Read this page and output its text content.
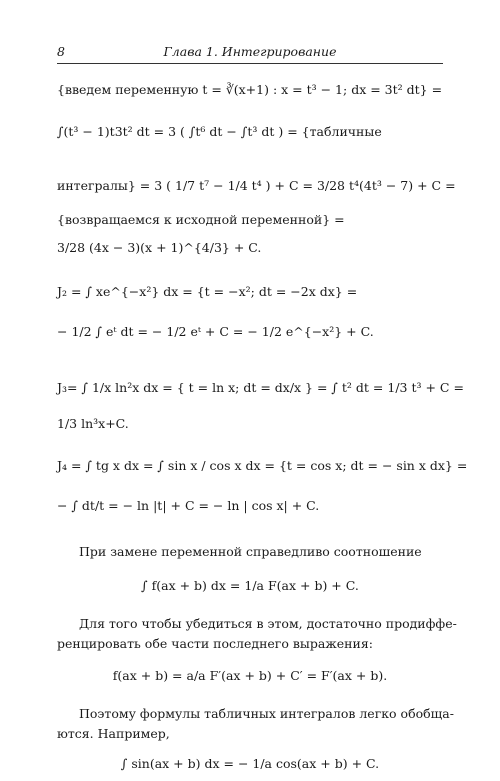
8	Глава 1. Интегрирование
{введем переменную t = ∛(x+1) : x = t³ − 1; dx = 3t² dt} =
∫(t³ − 1)t3t² dt = 3 ( ∫t⁶ dt − ∫t³ dt ) = {табличные
интегралы} = 3 ( 1/7 t⁷ − 1/4 t⁴ ) + C = 3/28 t⁴(4t³ − 7) + C =
{возвращаемся к исходной переменной} =
3/28 (4x − 3)(x + 1)^{4/3} + C.
J₂ = ∫ xe^{−x²} dx = {t = −x²; dt = −2x dx} =
− 1/2 ∫ eᵗ dt = − 1/2 eᵗ + C = − 1/2 e^{−x²} + C.
J₃= ∫ 1/x ln²x dx = { t = ln x; dt = dx/x } = ∫ t² dt = 1/3 t³ + C =
1/3 ln³x+C.
J₄ = ∫ tg x dx = ∫ sin x / cos x dx = {t = cos x; dt = − sin x dx} =
− ∫ dt/t = − ln |t| + C = − ln | cos x| + C.
При замене переменной справедливо соотношение
∫ f(ax + b) dx = 1/a F(ax + b) + C.
Для того чтобы убедиться в этом, достаточно продиффе-
ренцировать обе части последнего выражения:
f(ax + b) = a/a F′(ax + b) + C′ = F′(ax + b).
Поэтому формулы табличных интегралов легко обобща-
ются. Например,
∫ sin(ax + b) dx = − 1/a cos(ax + b) + C.
